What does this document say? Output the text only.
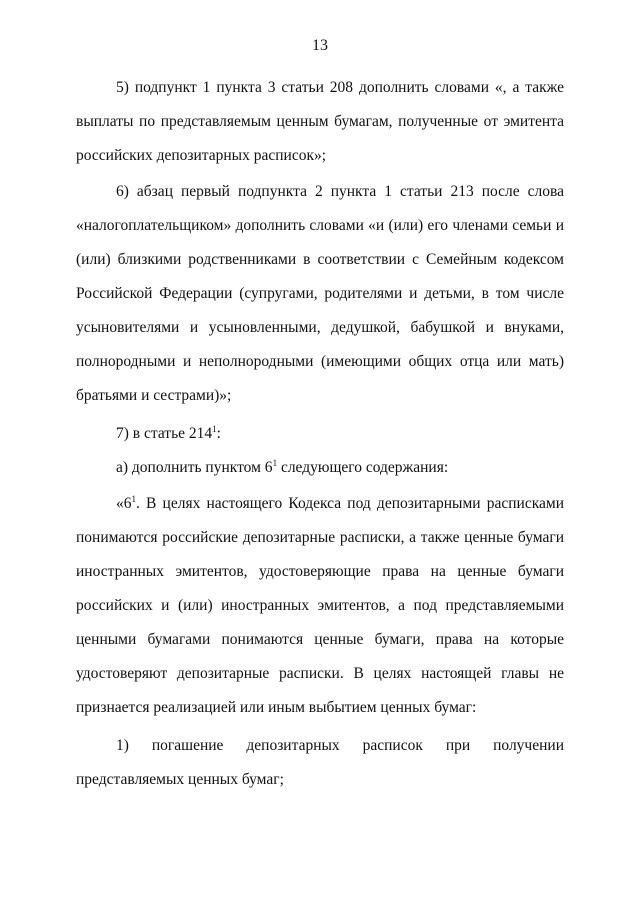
13
5) подпункт 1 пункта 3 статьи 208 дополнить словами «, а также
выплаты по представляемым ценным бумагам, полученные от эмитента
российских депозитарных расписок»;
6) абзац первый подпункта 2 пункта 1 статьи 213 после слова
«налогоплательщиком» дополнить словами «и (или) его членами семьи и
(или) близкими родственниками в соответствии с Семейным кодексом
Российской Федерации (супругами, родителями и детьми, в том числе
усыновителями и усыновленными, дедушкой, бабушкой и внуками,
полнородными и неполнородными (имеющими общих отца или мать)
братьями и сестрами)»;
7) в статье $214^1$:
а) дополнить пунктом $6^1$ следующего содержания:
«$6^1$. В целях настоящего Кодекса под депозитарными расписками
понимаются российские депозитарные расписки, а также ценные бумаги
иностранных эмитентов, удостоверяющие права на ценные бумаги
российских и (или) иностранных эмитентов, а под представляемыми
ценными бумагами понимаются ценные бумаги, права на которые
удостоверяют депозитарные расписки. В целях настоящей главы не
признается реализацией или иным выбытием ценных бумаг:
1) погашение депозитарных расписок при получении
представляемых ценных бумаг;
